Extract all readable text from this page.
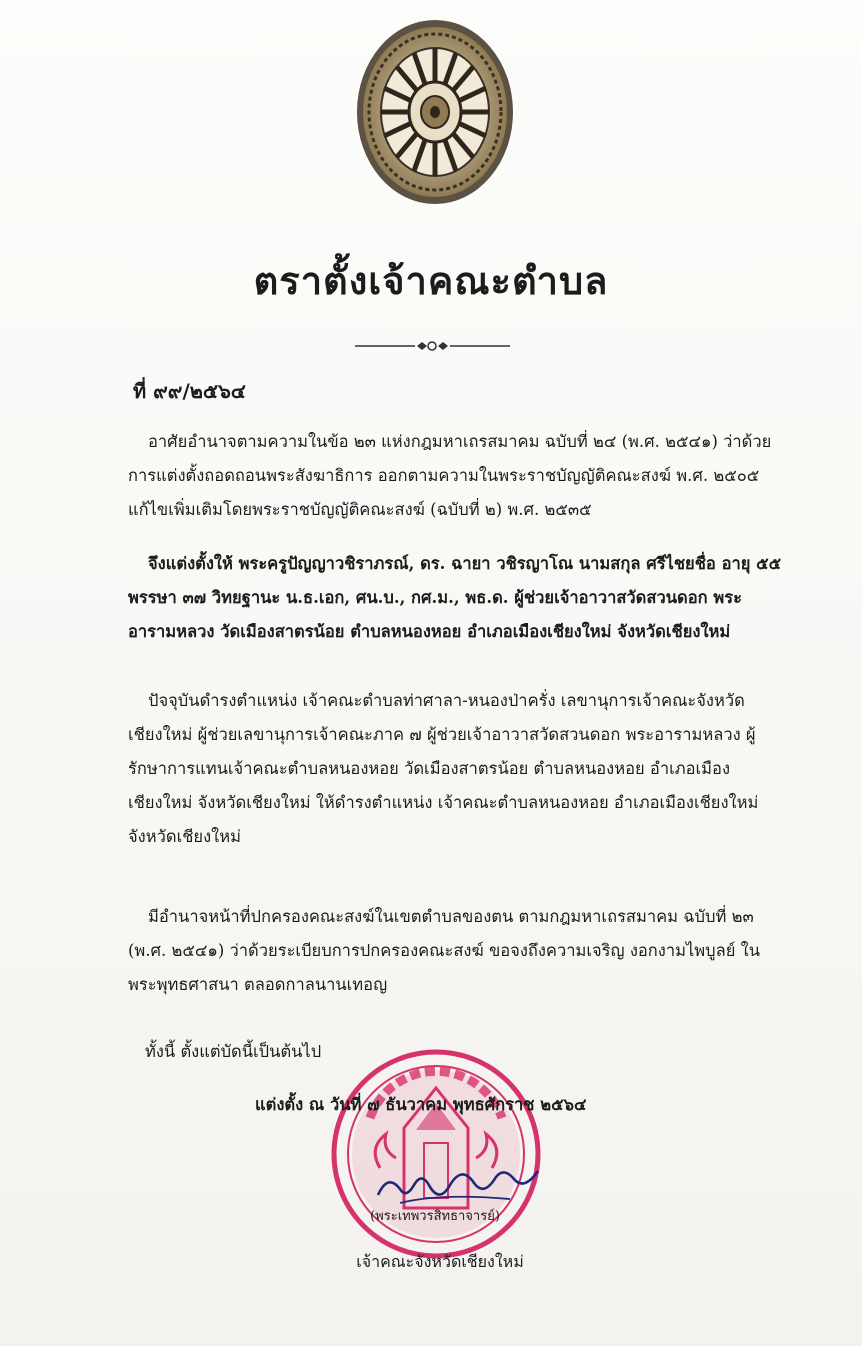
ตราตั้งเจ้าคณะตำบล
ที่ ๙๙/๒๕๖๔
อาศัยอำนาจตามความในข้อ ๒๓ แห่งกฎมหาเถรสมาคม ฉบับที่ ๒๔ (พ.ศ. ๒๕๔๑) ว่าด้วย การแต่งตั้งถอดถอนพระสังฆาธิการ ออกตามความในพระราชบัญญัติคณะสงฆ์ พ.ศ. ๒๕๐๕ แก้ไขเพิ่มเติมโดยพระราชบัญญัติคณะสงฆ์ (ฉบับที่ ๒) พ.ศ. ๒๕๓๕
จึงแต่งตั้งให้ พระครูปัญญาวชิราภรณ์, ดร. ฉายา วชิรญาโณ นามสกุล ศรีไชยชื่อ อายุ ๕๕ พรรษา ๓๗ วิทยฐานะ น.ธ.เอก, ศน.บ., กศ.ม., พธ.ด. ผู้ช่วยเจ้าอาวาสวัดสวนดอก พระอารามหลวง วัดเมืองสาตรน้อย ตำบลหนองหอย อำเภอเมืองเชียงใหม่ จังหวัดเชียงใหม่
ปัจจุบันดำรงตำแหน่ง เจ้าคณะตำบลท่าศาลา-หนองป่าครั่ง เลขานุการเจ้าคณะจังหวัดเชียงใหม่ ผู้ช่วยเลขานุการเจ้าคณะภาค ๗ ผู้ช่วยเจ้าอาวาสวัดสวนดอก พระอารามหลวง ผู้รักษาการแทนเจ้าคณะตำบลหนองหอย วัดเมืองสาตรน้อย ตำบลหนองหอย อำเภอเมืองเชียงใหม่ จังหวัดเชียงใหม่ ให้ดำรงตำแหน่ง เจ้าคณะตำบลหนองหอย อำเภอเมืองเชียงใหม่ จังหวัดเชียงใหม่
มีอำนาจหน้าที่ปกครองคณะสงฆ์ในเขตตำบลของตน ตามกฎมหาเถรสมาคม ฉบับที่ ๒๓ (พ.ศ. ๒๕๔๑) ว่าด้วยระเบียบการปกครองคณะสงฆ์ ขอจงถึงความเจริญ งอกงามไพบูลย์ ในพระพุทธศาสนา ตลอดกาลนานเทอญ
ทั้งนี้ ตั้งแต่บัดนี้เป็นต้นไป
แต่งตั้ง ณ วันที่ ๗ ธันวาคม พุทธศักราช ๒๕๖๔
(พระเทพวรสิทธาจารย์)
เจ้าคณะจังหวัดเชียงใหม่
